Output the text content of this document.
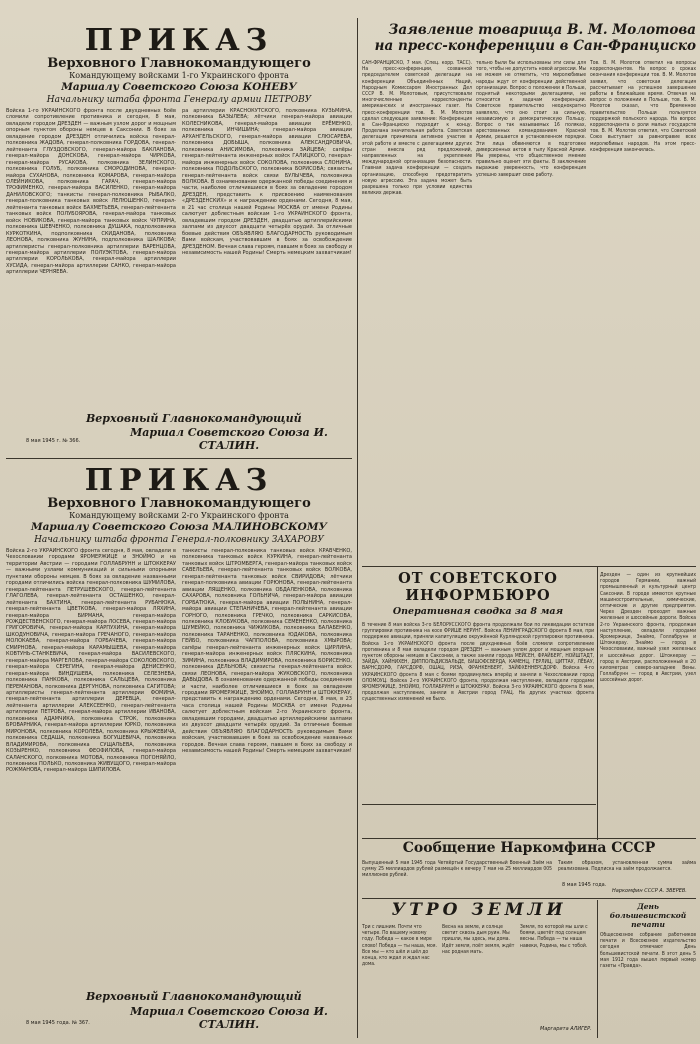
ПРИКАЗ
Верховного Главнокомандующего
Командующему войсками 1-го Украинского фронта
Маршалу Советского Союза КОНЕВУ
Начальнику штаба фронта Генералу армии ПЕТРОВУ
Войска 1-го УКРАИНСКОГО фронта после двухдневных боёв сломили сопротивление противника и сегодня, 8 мая, овладели городом ДРЕЗДЕН — важным узлом дорог и мощным опорным пунктом обороны немцев в Саксонии. В боях за овладение городом ДРЕЗДЕН отличились войска генерал-полковника ЖАДОВА, генерал-полковника ГОРДОВА, генерал-лейтенанта ГЛУЗДОВСКОГО, генерал-майора БАКЛАНОВА, генерал-майора ДОНСКОВА, генерал-майора ЧИРКОВА, генерал-майора РУСАКОВА, полковника ЗЕЛИНСКОГО, полковника ГОЛУБ, полковника СМОРОДИНОВА, генерал-майора СУХАНОВА, полковника КОМАРОВА, генерал-майора ОЛЕЙНИКОВА, полковника ГАРАЧ, генерал-майора ТРОФИМЕНКО, генерал-майора ВАСИЛЕНКО, генерал-майора ДАНИЛОВСКОГО; танкисты генерал-полковника РЫБАЛКО, генерал-полковника танковых войск ЛЕЛЮШЕНКО, генерал-лейтенанта танковых войск БАХМЕТЬЕВА, генерал-лейтенанта танковых войск ПОЛУБОЯРОВА, генерал-майора танковых войск НОВИКОВА, генерал-майора танковых войск ЧУПРИНА, полковника ШЕВЧЕНКО, полковника ДУШАКА, подполковника КУРКОТКИНА, подполковника СКИДАНОВА, полковника ЛЕОНОВА, полковника ЖУНИНА, подполковника ШАЛКОВА; артиллеристы генерал-полковника артиллерии ВАРЕНЦОВА, генерал-майора артиллерии ПОЛУЭКТОВА, генерал-майора артиллерии КОРОЛЬКОВА, генерал-майора артиллерии ХУСИДА, генерал-майора артиллерии САНКО, генерал-майора артиллерии ЧЕРНЯЕВА.
ра артиллерии КРАСНОКУТСКОГО, полковника КУЗЬМИНА, полковника БАЗЫЛЕВА; лётчики генерал-майора авиации КОЛЕСНИКОВА, генерал-майора авиации ЕРЁМЕНКО, полковника ИНЧИШИНА; генерал-майора авиации АРХАНГЕЛЬСКОГО, генерал-майора авиации СЛЮСАРЕВА, полковника ДОБЫША, полковника АЛЕКСАНДРОВИЧА, полковника АНИСИМОВА, полковника ЗАЙЦЕВА; сапёры генерал-лейтенанта инженерных войск ГАЛИЦКОГО, генерал-майора инженерных войск СОКОЛОВА, полковника СЛОНИНА, полковника ПОДОЛЬСКОГО, полковника БОРИСОВА; связисты генерал-лейтенанта войск связи БУЛЫЧЕВА, полковника ВОЛКОВА. В ознаменование одержанной победы соединения и части, наиболее отличившиеся в боях за овладение городом ДРЕЗДЕН, представить к присвоению наименования «ДРЕЗДЕНСКИХ» и к награждению орденами. Сегодня, 8 мая, в 21 час столица нашей Родины МОСКВА от имени Родины салютует доблестным войскам 1-го УКРАИНСКОГО фронта, овладевшим городом ДРЕЗДЕН, двадцатью артиллерийскими залпами из двухсот двадцати четырёх орудий. За отличные боевые действия ОБЪЯВЛЯЮ БЛАГОДАРНОСТЬ руководимым Вами войскам, участвовавшим в боях за освобождение ДРЕЗДЕНОМ. Вечная слава героям, павшим в боях за свободу и независимость нашей Родины! Смерть немецким захватчикам!
Верховный Главнокомандующий
Маршал Советского Союза И. СТАЛИН.
8 мая 1945 г. № 366.
ПРИКАЗ
Верховного Главнокомандующего
Командующему войсками 2-го Украинского фронта
Маршалу Советского Союза МАЛИНОВСКОМУ
Начальнику штаба фронта Генерал-полковнику ЗАХАРОВУ
Войска 2-го УКРАИНСКОГО фронта сегодня, 8 мая, овладели в Чехословакии городами ЯРОМЕРЖИЦЕ и ЗНОЙМО и на территории Австрии — городами ГОЛЛАБРУНН и ШТОККЕРАУ — важными узлами коммуникаций и сильными опорными пунктами обороны немцев. В боях за овладение названными городами отличились войска генерал-полковника ШУМИЛОВА, генерал-лейтенанта ПЕТРУШЕВСКОГО, генерал-лейтенанта ГЛАГОЛЕВА, генерал-лейтенанта ОСТАШЕНКО, генерал-лейтенанта БАХТИНА, генерал-лейтенанта РУБАНЮКА, генерал-лейтенанта ЦВЕТКОВА, генерал-майора ЛЯХИНА, генерал-майора БИРМАНА, генерал-майора РОЖДЕСТВЕНСКОГО, генерал-майора ЛОСЕВА, генерал-майора ГРИГОРОВИЧА, генерал-майора КАРПУХИНА, генерал-майора ШКОДУНОВИЧА, генерал-майора ГРЕЧАНОГО, генерал-майора МОЛОКАЕВА, генерал-майора ГОРБАЧЕВА, генерал-майора СМИРНОВА, генерал-майора КАРАМЫШЕВА, генерал-майора КОВТУНЬ-СТАНКЕВИЧА, генерал-майора ВАСИЛЕВСКОГО, генерал-майора МАРГЕЛОВА, генерал-майора СОКОЛОВСКОГО, генерал-майора СЕРЕГИНА, генерал-майора ДЕНИСЕНКО, генерал-майора ВИНДУШЕВА, полковника СЕЛЕЗНЕВА, полковника ПАНКОВА, полковника САЛЬЦЕВА, полковника ПЕРЕМАНОВА, полковника ДЕРГУНОВА, полковника САГИТОВА; артиллеристы генерал-лейтенанта артиллерии ФОМИНА, генерал-лейтенанта артиллерии ДЕРЕВЦА, генерал-лейтенанта артиллерии АЛЕКСЕЕНКО, генерал-лейтенанта артиллерии ПЕТРОВА, генерал-майора артиллерии ИВАНОВА, полковника АДАМЧИКА, полковника СТРОК, полковника БРОВАРНИКА, генерал-майора артиллерии ЮРКО, полковника МИРОНОВА, полковника КОРОЛЕВА, полковника КРЫЖЕВИЧА, полковника СЕДАША, полковника БОГУШЕВИЧА, полковника ВЛАДИМИРОВА, полковника СУЩАЛЬЕВА, полковника КОЗЫРЕНКО, полковника ФЕОФИЛОВА, генерал-майора САЛАНСКОГО, полковника МОТОВА, полковника ПОГОНЯЙЛО, полковника ПОЛЬКО, полковника ЖИВУЩОГО, генерал-майора РОЖМАНОВА, генерал-майора ШИПИЛОВА.
танкисты генерал-полковника танковых войск КРАВЧЕНКО, полковника танковых войск КУРКИНА, генерал-лейтенанта танковых войск ШТРОМБЕРГА, генерал-майора танковых войск САВЕЛЬЕВА, генерал-лейтенанта танковых войск ВОЛКОВА, генерал-лейтенанта танковых войск СВИРИДОВА; лётчики генерал-полковника авиации ГОРЮНОВА, генерал-лейтенанта авиации ЛЯЩЕНКО, полковника ОБДАЛЕНКОВА, полковника САХАРОВА, полковника ГОЛЬНИЧА, генерал-майора авиации ГОРБАТЮКА, генерал-майора авиации ПОЛЫНИНА, генерал-майора авиации СТЕПАНИЧЕВА, генерал-лейтенанта авиации ГОРНОГО, полковника ГРЕЧКО, полковника САРКИСОВА, полковника КЛОБУКОВА, полковника СЕМЕНЕНКО, полковника ШУМЕЙКО, полковника ЧИЖИКОВА, полковника БАЛАБЕНКО, полковника ТАРАНЕНКО, полковника ЮДАКОВА, полковника ГЕЙБО, полковника ЧАППОЛОВА, полковника ХМЫРОВА; сапёры генерал-лейтенанта инженерных войск ЦИРЛИНА, генерал-майора инженерных войск ПЛЯСКИНА, полковника ЗИМИНА, полковника ВЛАДИМИРОВА, полковника БОРИСЕНКО, полковника ДЕЛЬНОВА; связисты генерал-лейтенанта войск связи ЛЕОНОВА, генерал-майора ЖУКОВСКОГО, полковника ДАВЫДОВА. В ознаменование одержанной победы соединения и части, наиболее отличившиеся в боях за овладение городами ЯРОМЕРЖИЦЕ, ЗНОЙМО, ГОЛЛАБРУНН и ШТОККЕРАУ, представить к награждению орденами. Сегодня, 8 мая, в 23 часа столица нашей Родины МОСКВА от имени Родины салютует доблестным войскам 2-го Украинского фронта, овладевшим городами, двадцатью артиллерийскими залпами из двухсот двадцати четырёх орудий. За отличные боевые действия ОБЪЯВЛЯЮ БЛАГОДАРНОСТЬ руководимым Вами войскам, участвовавшим в боях за освобождение названных городов. Вечная слава героям, павшим в боях за свободу и независимость нашей Родины! Смерть немецким захватчикам!
Верховный Главнокомандующий
Маршал Советского Союза И. СТАЛИН.
8 мая 1945 года. № 367.
Заявление товарища В. М. Молотова
на пресс-конференции в Сан-Франциско
САН-ФРАНЦИСКО, 7 мая. (Спец. корр. ТАСС). На пресс-конференции, созванной председателем советской делегации на конференции Объединённых Наций, Народным Комиссаром Иностранных Дел СССР В. М. Молотовым, присутствовали многочисленные корреспонденты американских и иностранных газет. На пресс-конференции тов. В. М. Молотов сделал следующее заявление: Конференция в Сан-Франциско подходит к концу. Проделана значительная работа. Советская делегация принимала активное участие в этой работе и вместе с делегациями других стран внесла ряд предложений, направленных на укрепление международной организации безопасности. Главная задача конференции — создать организацию, способную предотвратить новую агрессию. Эта задача может быть разрешена только при условии единства великих держав.
тельно были бы использованы эти силы для того, чтобы не допустить новой агрессии. Мы не можем не отметить, что миролюбивые народы ждут от конференции действенной организации. Вопрос о положении в Польше, поднятый некоторыми делегациями, не относится к задачам конференции. Советское правительство неоднократно заявляло, что оно стоит за сильную, независимую и демократическую Польшу. Вопрос о так называемых 16 поляках, арестованных командованием Красной Армии, решается в установленном порядке. Эти лица обвиняются в подготовке диверсионных актов в тылу Красной Армии. Мы уверены, что общественное мнение правильно оценит эти факты. В заключение выражаю уверенность, что конференция успешно завершит свою работу.
Тов. В. М. Молотов ответил на вопросы корреспондентов. На вопрос о сроках окончания конференции тов. В. М. Молотов заявил, что советская делегация рассчитывает на успешное завершение работы в ближайшее время. Отвечая на вопрос о положении в Польше, тов. В. М. Молотов сказал, что Временное правительство Польши пользуется поддержкой польского народа. На вопрос корреспондента о роли малых государств тов. В. М. Молотов ответил, что Советский Союз выступает за равноправие всех миролюбивых народов. На этом пресс-конференция закончилась.
ОТ СОВЕТСКОГО ИНФОРМБЮРО
Оперативная сводка за 8 мая
В течение 8 мая войска 3-го БЕЛОРУССКОГО фронта продолжали бои по ликвидации остатков группировки противника на косе ФРИШЕ НЕРУНГ. Войска ЛЕНИНГРАДСКОГО фронта 8 мая, при поддержке авиации, приняли капитуляцию окружённой Курляндской группировки противника. Войска 1-го УКРАИНСКОГО фронта после двухдневных боёв сломили сопротивление противника и 8 мая овладели городом ДРЕЗДЕН — важным узлом дорог и мощным опорным пунктом обороны немцев в Саксонии, а также заняли города МЕЙСЕН, ФРАЙБЕРГ, НОЙШТАДТ, ЗАЙДА, ХАЙНИХЕН, ДИППОЛЬДИСВАЛЬДЕ, БИШОФСВЕРДА, КАМЕНЦ, ГЕРЛИЦ, ЦИТТАУ, ЛЁБАУ, ВАРНСДОРФ, ГАРСДОРФ, ОШАЦ, РИЗА, ФРАНКЕНБЕРГ, ЗАЙФХЕННЕРСДОРФ. Войска 4-го УКРАИНСКОГО фронта 8 мая с боями продвинулись вперёд и заняли в Чехословакии город ОЛОМОУЦ. Войска 2-го УКРАИНСКОГО фронта, продолжая наступление, овладели городами ЯРОМЕРЖИЦЕ, ЗНОЙМО, ГОЛЛАБРУНН и ШТОККЕРАУ. Войска 3-го УКРАИНСКОГО фронта 8 мая, продолжая наступление, заняли в Австрии город ГРАЦ. На других участках фронта существенных изменений не было.
Дрезден — один из крупнейших городов Германии, важный промышленный и культурный центр Саксонии. В городе имеются крупные машиностроительные, химические, оптические и другие предприятия. Через Дрезден проходят важные железные и шоссейные дороги. Войска 2-го Украинского фронта, продолжая наступление, овладели городами Яромержице, Знаймо, Голлабрунн и Штоккерау. Знаймо — город в Чехословакии, важный узел железных и шоссейных дорог. Штоккерау — город в Австрии, расположенный в 20 километрах северо-западнее Вены. Голлабрунн — город в Австрии, узел шоссейных дорог.
Сообщение Наркомфина СССР
Выпущенный 5 мая 1945 года Четвёртый Государственный Военный Заём на сумму 25 миллиардов рублей размещён к вечеру 7 мая на 25 миллиардов 005 миллионов рублей.
Таким образом, установленная сумма займа реализована. Подписка на заём продолжается.
8 мая 1945 года.
Наркомфин СССР А. ЗВЕРЕВ.
УТРО ЗЕМЛИ
Три с лишним. Почти что четыре. По вашему новому году. Победа — какое в мире слово! Победа — ты наша, моя. Все мы — кто шёл и шёл до конца, кто ждал и ждал нас дома.
Весна на земле, и солнце светит сквозь дым руин. Мы пришли, мы здесь, мы дома. Идёт земля, поёт земля, ждёт нас родная мать.
Земля, по которой мы шли с боями, цветёт под солнцем весны. Победа — ты наша навеки, Родина, мы с тобой.
Маргарита АЛИГЕР.
День большевистской печати
Общесоюзное собрание работников печати и Всесоюзное издательство сегодня отмечают День большевистской печати. В этот день 5 мая 1912 года вышел первый номер газеты «Правда».
